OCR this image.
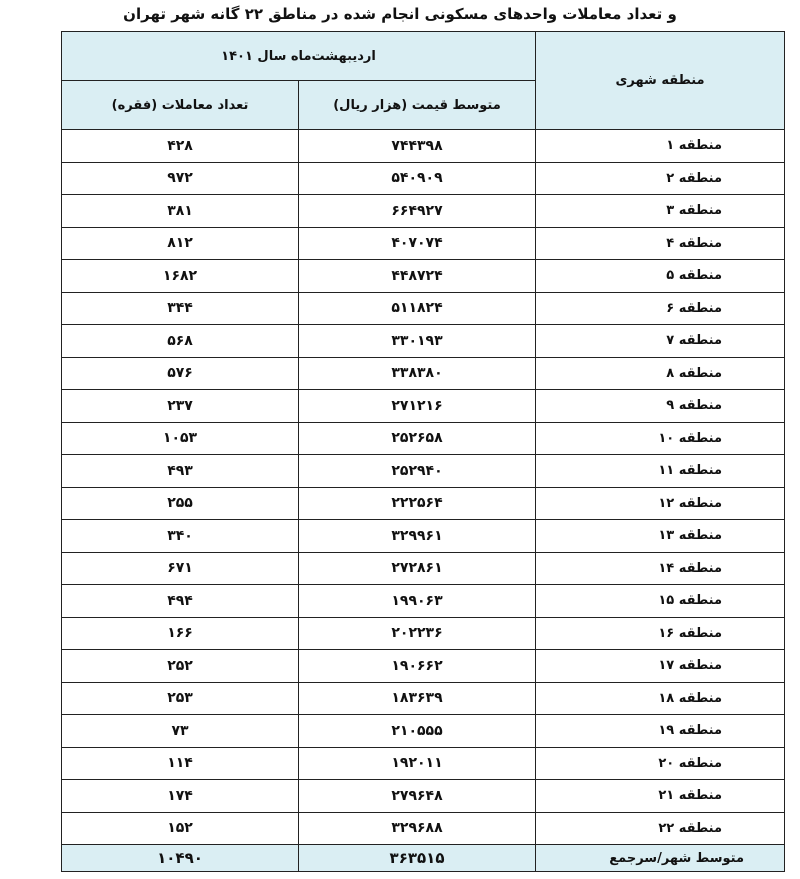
و تعداد معاملات واحدهای مسکونی انجام شده در مناطق ۲۲ گانه شهر تهران
منطقه شهری	اردیبهشت‌ماه سال ۱۴۰۱	
	متوسط قیمت (هزار ریال)	تعداد معاملات (فقره)
منطقه ۱	۷۴۴۳۹۸	۴۲۸
منطقه ۲	۵۴۰۹۰۹	۹۷۲
منطقه ۳	۶۶۴۹۲۷	۳۸۱
منطقه ۴	۴۰۷۰۷۴	۸۱۲
منطقه ۵	۴۴۸۷۲۴	۱۶۸۲
منطقه ۶	۵۱۱۸۲۴	۳۴۴
منطقه ۷	۳۳۰۱۹۳	۵۶۸
منطقه ۸	۳۳۸۳۸۰	۵۷۶
منطقه ۹	۲۷۱۲۱۶	۲۳۷
منطقه ۱۰	۲۵۲۶۵۸	۱۰۵۳
منطقه ۱۱	۲۵۲۹۴۰	۴۹۳
منطقه ۱۲	۲۲۲۵۶۴	۲۵۵
منطقه ۱۳	۳۲۹۹۶۱	۳۴۰
منطقه ۱۴	۲۷۲۸۶۱	۶۷۱
منطقه ۱۵	۱۹۹۰۶۳	۴۹۴
منطقه ۱۶	۲۰۲۲۳۶	۱۶۶
منطقه ۱۷	۱۹۰۶۶۲	۲۵۲
منطقه ۱۸	۱۸۳۶۳۹	۲۵۳
منطقه ۱۹	۲۱۰۵۵۵	۷۳
منطقه ۲۰	۱۹۲۰۱۱	۱۱۴
منطقه ۲۱	۲۷۹۶۴۸	۱۷۴
منطقه ۲۲	۳۲۹۶۸۸	۱۵۲
متوسط شهر/سرجمع	۳۶۳۵۱۵	۱۰۴۹۰
